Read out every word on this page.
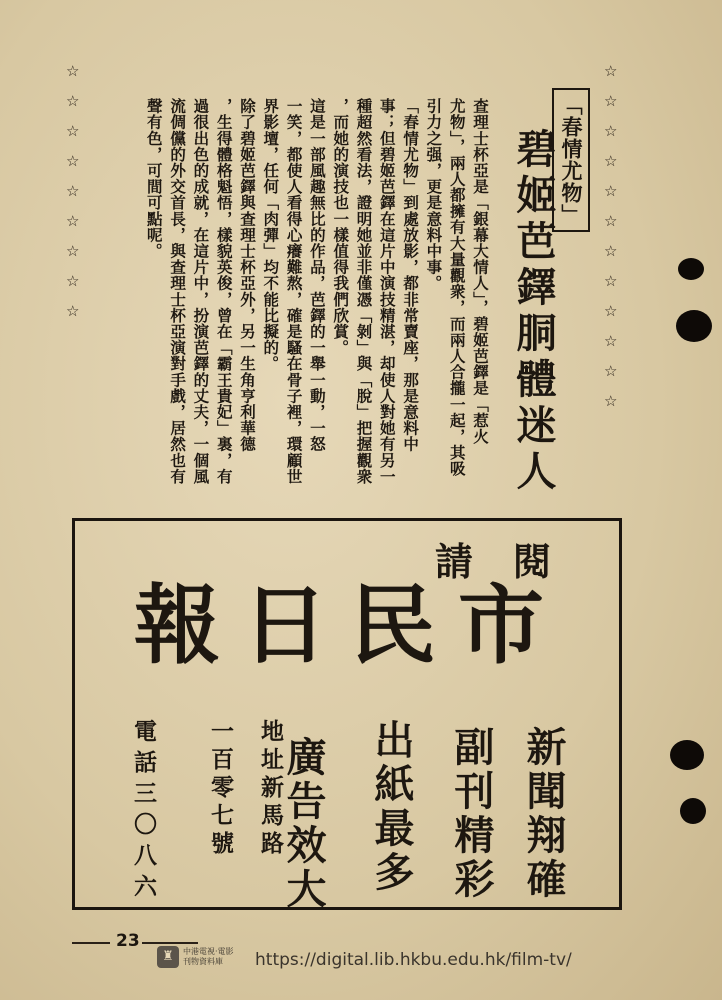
☆
☆
☆
☆
☆
☆
☆
☆
☆
☆
☆
☆
☆
☆
☆
☆
☆
☆
☆
☆
☆
「春情尤物」
碧姬芭鐸胴體迷人
查理士杯亞是「銀幕大情人」，碧姬芭鐸是「惹火
尤物」，兩人都擁有大量觀衆，而兩人合攏一起，其吸
引力之强，更是意料中事。
「春情尤物」到處放影，都非常賣座，那是意料中
事；但碧姬芭鐸在這片中演技精湛，却使人對她有另一
種超然看法，證明她並非僅憑「剝」與「脫」把握觀衆
，而她的演技也一樣值得我們欣賞。
這是一部風趣無比的作品，芭鐸的一舉一動，一怒
一笑，都使人看得心癢難熬，確是騷在骨子裡，環顧世
界影壇，任何「肉彈」均不能比擬的。
除了碧姬芭鐸與查理士杯亞外，另一生角亨利華德
，生得體格魁悟，樣貌英俊，曾在「霸王貴妃」裏，有
過很出色的成就，在這片中，扮演芭鐸的丈夫，一個風
流倜儻的外交首長，與查理士杯亞演對手戲，居然也有
聲有色，可間可點呢。
請閱
市民日報
新聞翔確
副刊精彩
出紙最多
廣告效大
地址新馬路一百零七號
電話三〇八六
23
♜	中港電視·電影
刊物資料庫	https://digital.lib.hkbu.edu.hk/film-tv/
